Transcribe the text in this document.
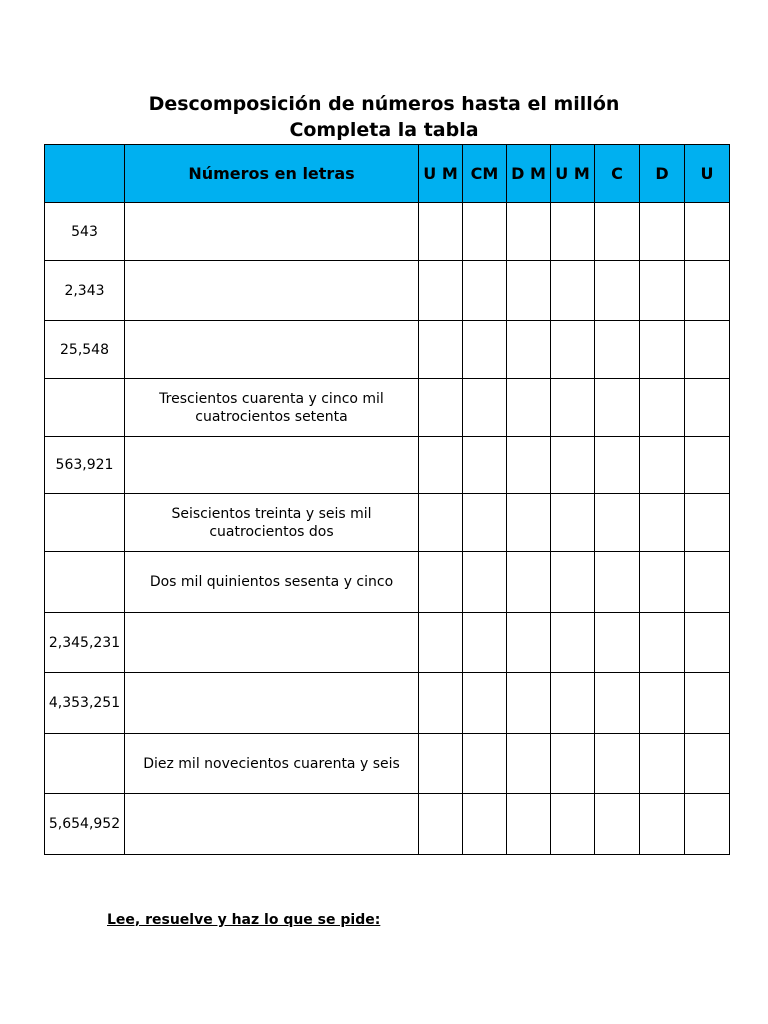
Descomposición de números hasta el millón
Completa la tabla
	Números en letras	U M	CM	D M	U M	C	D	U
543								
2,343								
25,548								
	Trescientos cuarenta y cinco mil cuatrocientos setenta							
563,921								
	Seiscientos treinta y seis mil cuatrocientos dos							
	Dos mil quinientos sesenta y cinco							
2,345,231								
4,353,251								
	Diez mil novecientos cuarenta y seis							
5,654,952								

Lee, resuelve y haz lo que se pide:
